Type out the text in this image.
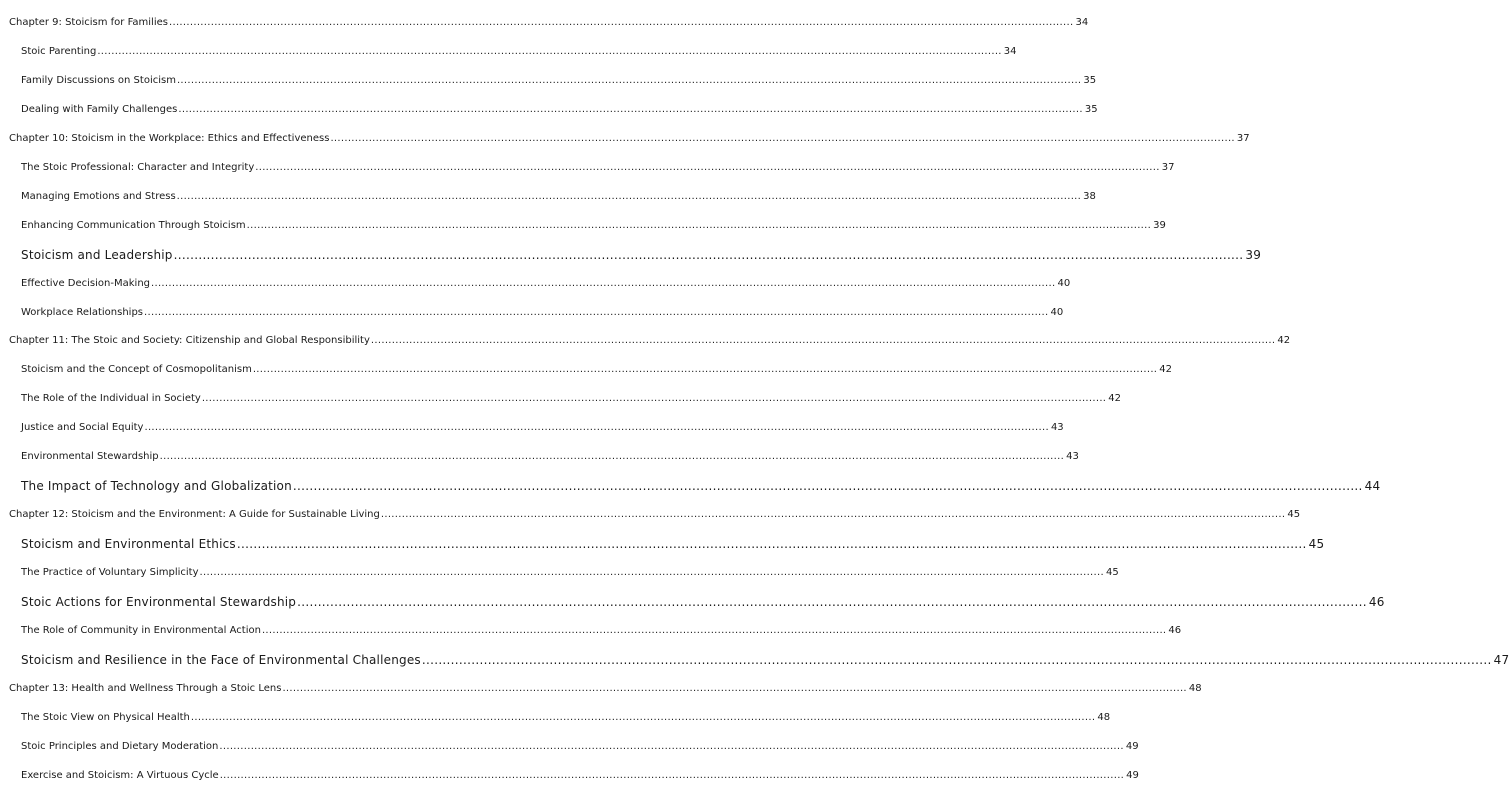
Chapter 9: Stoicism for Families .................................................................................................................................................................................................................................................................... 34
Stoic Parenting .................................................................................................................................................................................................................................................................... 34
Family Discussions on Stoicism .................................................................................................................................................................................................................................................................... 35
Dealing with Family Challenges .................................................................................................................................................................................................................................................................... 35
Chapter 10: Stoicism in the Workplace: Ethics and Effectiveness .................................................................................................................................................................................................................................................................... 37
The Stoic Professional: Character and Integrity .................................................................................................................................................................................................................................................................... 37
Managing Emotions and Stress .................................................................................................................................................................................................................................................................... 38
Enhancing Communication Through Stoicism .................................................................................................................................................................................................................................................................... 39
Stoicism and Leadership .................................................................................................................................................................................................................................................................... 39
Effective Decision-Making .................................................................................................................................................................................................................................................................... 40
Workplace Relationships .................................................................................................................................................................................................................................................................... 40
Chapter 11: The Stoic and Society: Citizenship and Global Responsibility .................................................................................................................................................................................................................................................................... 42
Stoicism and the Concept of Cosmopolitanism .................................................................................................................................................................................................................................................................... 42
The Role of the Individual in Society .................................................................................................................................................................................................................................................................... 42
Justice and Social Equity .................................................................................................................................................................................................................................................................... 43
Environmental Stewardship .................................................................................................................................................................................................................................................................... 43
The Impact of Technology and Globalization .................................................................................................................................................................................................................................................................... 44
Chapter 12: Stoicism and the Environment: A Guide for Sustainable Living .................................................................................................................................................................................................................................................................... 45
Stoicism and Environmental Ethics .................................................................................................................................................................................................................................................................... 45
The Practice of Voluntary Simplicity .................................................................................................................................................................................................................................................................... 45
Stoic Actions for Environmental Stewardship .................................................................................................................................................................................................................................................................... 46
The Role of Community in Environmental Action .................................................................................................................................................................................................................................................................... 46
Stoicism and Resilience in the Face of Environmental Challenges .................................................................................................................................................................................................................................................................... 47
Chapter 13: Health and Wellness Through a Stoic Lens .................................................................................................................................................................................................................................................................... 48
The Stoic View on Physical Health .................................................................................................................................................................................................................................................................... 48
Stoic Principles and Dietary Moderation .................................................................................................................................................................................................................................................................... 49
Exercise and Stoicism: A Virtuous Cycle .................................................................................................................................................................................................................................................................... 49
